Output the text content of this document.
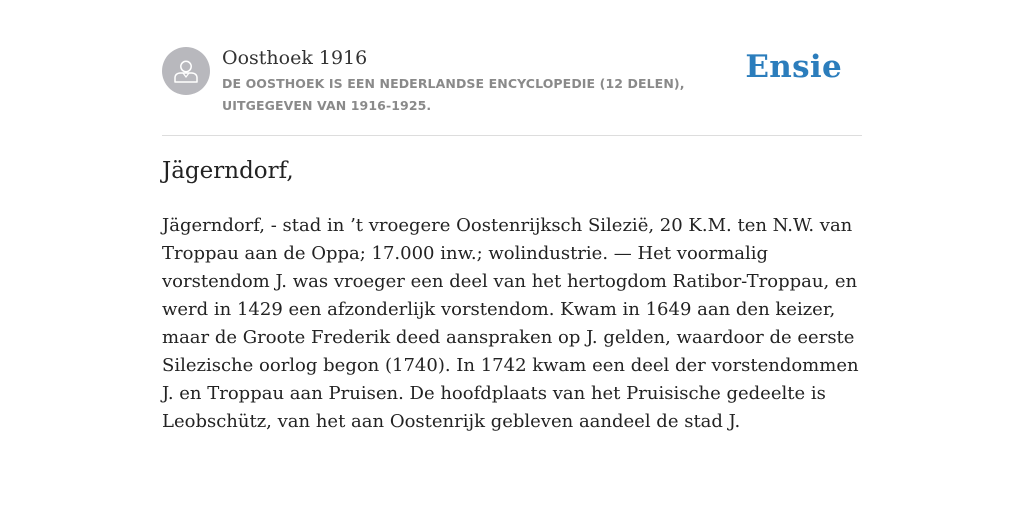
Oosthoek 1916
DE OOSTHOEK IS EEN NEDERLANDSE ENCYCLOPEDIE (12 DELEN), UITGEGEVEN VAN 1916-1925.
Ensie
Jägerndorf,

Jägerndorf, - stad in ’t vroegere Oostenrijksch Silezië, 20 K.M. ten N.W. van Troppau aan de Oppa; 17.000 inw.; wolindustrie. — Het voormalig vorstendom J. was vroeger een deel van het hertogdom Ratibor-Troppau, en werd in 1429 een afzonderlijk vorstendom. Kwam in 1649 aan den keizer, maar de Groote Frederik deed aanspraken op J. gelden, waardoor de eerste Silezische oorlog begon (1740). In 1742 kwam een deel der vorstendommen J. en Troppau aan Pruisen. De hoofdplaats van het Pruisische gedeelte is Leobschütz, van het aan Oostenrijk gebleven aandeel de stad J.
